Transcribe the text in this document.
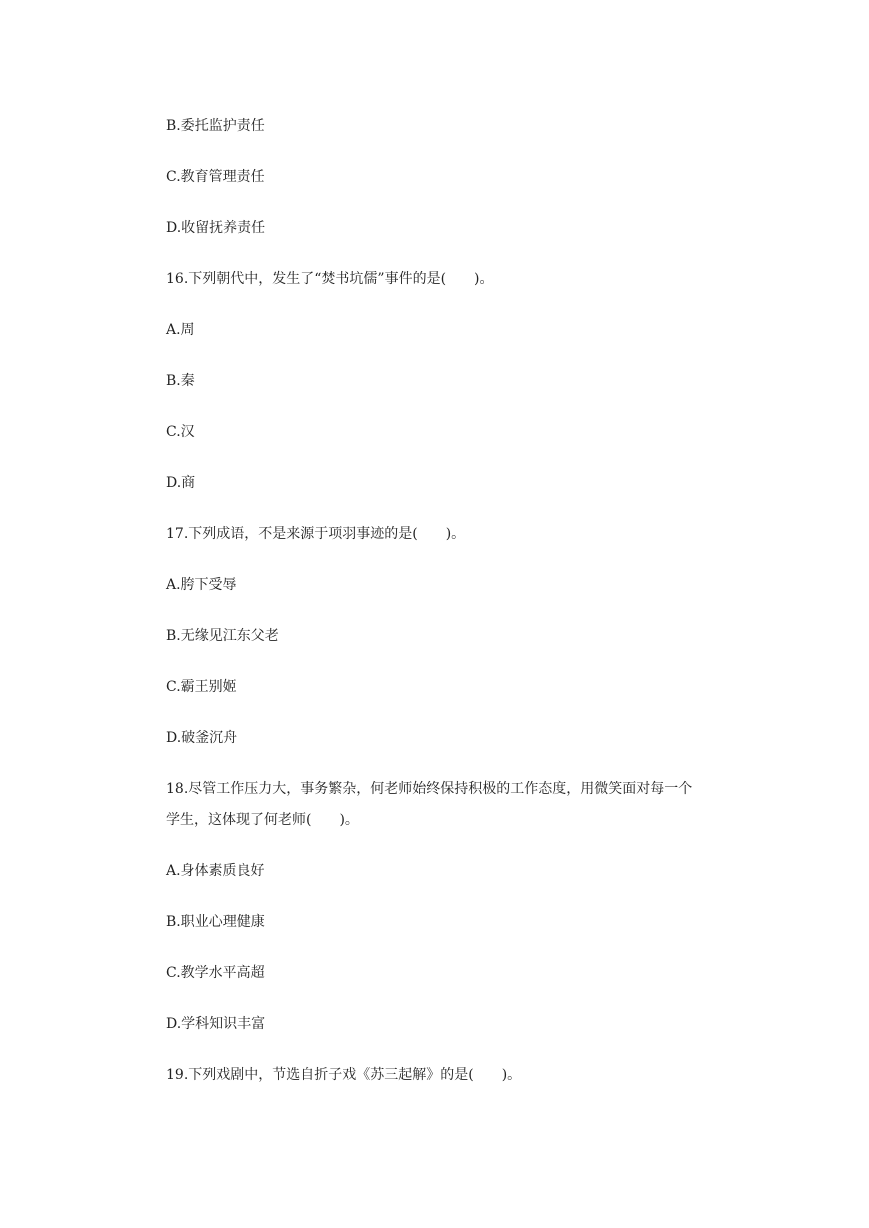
B.委托监护责任
C.教育管理责任
D.收留抚养责任
16.下列朝代中，发生了“焚书坑儒”事件的是(　　)。
A.周
B.秦
C.汉
D.商
17.下列成语，不是来源于项羽事迹的是(　　)。
A.胯下受辱
B.无缘见江东父老
C.霸王别姬
D.破釜沉舟
18.尽管工作压力大，事务繁杂，何老师始终保持积极的工作态度，用微笑面对每一个
学生，这体现了何老师(　　)。
A.身体素质良好
B.职业心理健康
C.教学水平高超
D.学科知识丰富
19.下列戏剧中，节选自折子戏《苏三起解》的是(　　)。
